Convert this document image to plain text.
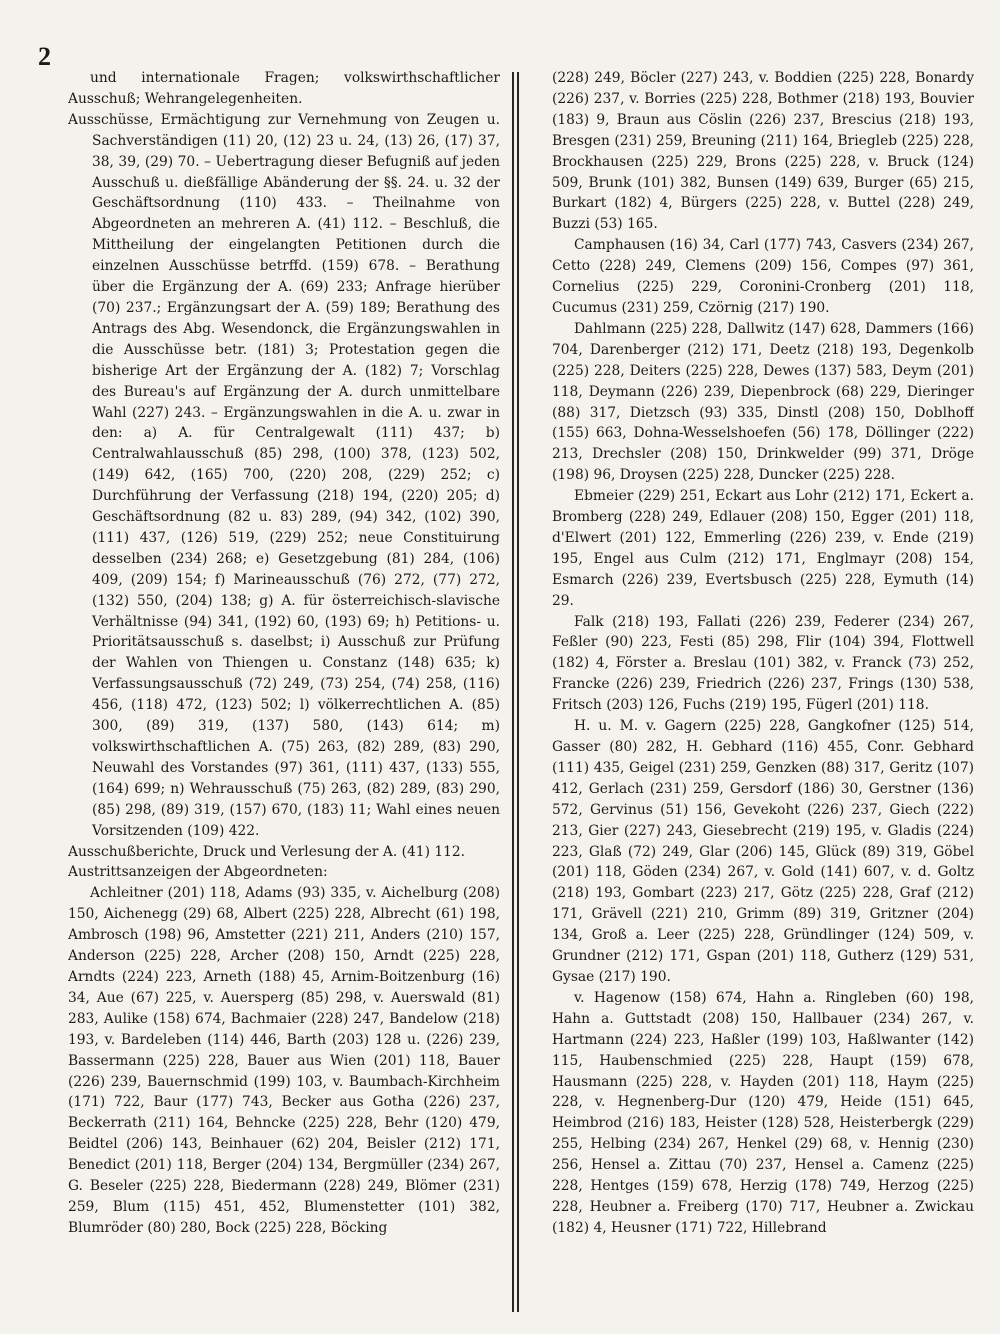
2

und internationale Fragen; volkswirthschaftlicher Ausschuß; Wehrangelegenheiten.

Ausschüsse, Ermächtigung zur Vernehmung von Zeugen u. Sachverständigen (11) 20, (12) 23 u. 24, (13) 26, (17) 37, 38, 39, (29) 70. – Uebertragung dieser Befugniß auf jeden Ausschuß u. dießfällige Abänderung der §§. 24. u. 32 der Geschäftsordnung (110) 433. – Theilnahme von Abgeordneten an mehreren A. (41) 112. – Beschluß, die Mittheilung der eingelangten Petitionen durch die einzelnen Ausschüsse betrffd. (159) 678. – Berathung über die Ergänzung der A. (69) 233; Anfrage hierüber (70) 237.; Ergänzungsart der A. (59) 189; Berathung des Antrags des Abg. Wesendonck, die Ergänzungswahlen in die Ausschüsse betr. (181) 3; Protestation gegen die bisherige Art der Ergänzung der A. (182) 7; Vorschlag des Bureau's auf Ergänzung der A. durch unmittelbare Wahl (227) 243. – Ergänzungswahlen in die A. u. zwar in den: a) A. für Centralgewalt (111) 437; b) Centralwahlausschuß (85) 298, (100) 378, (123) 502, (149) 642, (165) 700, (220) 208, (229) 252; c) Durchführung der Verfassung (218) 194, (220) 205; d) Geschäftsordnung (82 u. 83) 289, (94) 342, (102) 390, (111) 437, (126) 519, (229) 252; neue Constituirung desselben (234) 268; e) Gesetzgebung (81) 284, (106) 409, (209) 154; f) Marineausschuß (76) 272, (77) 272, (132) 550, (204) 138; g) A. für österreichisch-slavische Verhältnisse (94) 341, (192) 60, (193) 69; h) Petitions- u. Prioritätsausschuß s. daselbst; i) Ausschuß zur Prüfung der Wahlen von Thiengen u. Constanz (148) 635; k) Verfassungsausschuß (72) 249, (73) 254, (74) 258, (116) 456, (118) 472, (123) 502; l) völkerrechtlichen A. (85) 300, (89) 319, (137) 580, (143) 614; m) volkswirthschaftlichen A. (75) 263, (82) 289, (83) 290, Neuwahl des Vorstandes (97) 361, (111) 437, (133) 555, (164) 699; n) Wehrausschuß (75) 263, (82) 289, (83) 290, (85) 298, (89) 319, (157) 670, (183) 11; Wahl eines neuen Vorsitzenden (109) 422.

Ausschußberichte, Druck und Verlesung der A. (41) 112.

Austrittsanzeigen der Abgeordneten:

Achleitner (201) 118, Adams (93) 335, v. Aichelburg (208) 150, Aichenegg (29) 68, Albert (225) 228, Albrecht (61) 198, Ambrosch (198) 96, Amstetter (221) 211, Anders (210) 157, Anderson (225) 228, Archer (208) 150, Arndt (225) 228, Arndts (224) 223, Arneth (188) 45, Arnim-Boitzenburg (16) 34, Aue (67) 225, v. Auersperg (85) 298, v. Auerswald (81) 283, Aulike (158) 674, Bachmaier (228) 247, Bandelow (218) 193, v. Bardeleben (114) 446, Barth (203) 128 u. (226) 239, Bassermann (225) 228, Bauer aus Wien (201) 118, Bauer (226) 239, Bauernschmid (199) 103, v. Baumbach-Kirchheim (171) 722, Baur (177) 743, Becker aus Gotha (226) 237, Beckerrath (211) 164, Behncke (225) 228, Behr (120) 479, Beidtel (206) 143, Beinhauer (62) 204, Beisler (212) 171, Benedict (201) 118, Berger (204) 134, Bergmüller (234) 267, G. Beseler (225) 228, Biedermann (228) 249, Blömer (231) 259, Blum (115) 451, 452, Blumenstetter (101) 382, Blumröder (80) 280, Bock (225) 228, Böcking

(228) 249, Böcler (227) 243, v. Boddien (225) 228, Bonardy (226) 237, v. Borries (225) 228, Bothmer (218) 193, Bouvier (183) 9, Braun aus Cöslin (226) 237, Brescius (218) 193, Bresgen (231) 259, Breuning (211) 164, Briegleb (225) 228, Brockhausen (225) 229, Brons (225) 228, v. Bruck (124) 509, Brunk (101) 382, Bunsen (149) 639, Burger (65) 215, Burkart (182) 4, Bürgers (225) 228, v. Buttel (228) 249, Buzzi (53) 165.

Camphausen (16) 34, Carl (177) 743, Casvers (234) 267, Cetto (228) 249, Clemens (209) 156, Compes (97) 361, Cornelius (225) 229, Coronini-Cronberg (201) 118, Cucumus (231) 259, Czörnig (217) 190.

Dahlmann (225) 228, Dallwitz (147) 628, Dammers (166) 704, Darenberger (212) 171, Deetz (218) 193, Degenkolb (225) 228, Deiters (225) 228, Dewes (137) 583, Deym (201) 118, Deymann (226) 239, Diepenbrock (68) 229, Dieringer (88) 317, Dietzsch (93) 335, Dinstl (208) 150, Doblhoff (155) 663, Dohna-Wesselshoefen (56) 178, Döllinger (222) 213, Drechsler (208) 150, Drinkwelder (99) 371, Dröge (198) 96, Droysen (225) 228, Duncker (225) 228.

Ebmeier (229) 251, Eckart aus Lohr (212) 171, Eckert a. Bromberg (228) 249, Edlauer (208) 150, Egger (201) 118, d'Elwert (201) 122, Emmerling (226) 239, v. Ende (219) 195, Engel aus Culm (212) 171, Englmayr (208) 154, Esmarch (226) 239, Evertsbusch (225) 228, Eymuth (14) 29.

Falk (218) 193, Fallati (226) 239, Federer (234) 267, Feßler (90) 223, Festi (85) 298, Flir (104) 394, Flottwell (182) 4, Förster a. Breslau (101) 382, v. Franck (73) 252, Francke (226) 239, Friedrich (226) 237, Frings (130) 538, Fritsch (203) 126, Fuchs (219) 195, Fügerl (201) 118.

H. u. M. v. Gagern (225) 228, Gangkofner (125) 514, Gasser (80) 282, H. Gebhard (116) 455, Conr. Gebhard (111) 435, Geigel (231) 259, Genzken (88) 317, Geritz (107) 412, Gerlach (231) 259, Gersdorf (186) 30, Gerstner (136) 572, Gervinus (51) 156, Gevekoht (226) 237, Giech (222) 213, Gier (227) 243, Giesebrecht (219) 195, v. Gladis (224) 223, Glaß (72) 249, Glar (206) 145, Glück (89) 319, Göbel (201) 118, Göden (234) 267, v. Gold (141) 607, v. d. Goltz (218) 193, Gombart (223) 217, Götz (225) 228, Graf (212) 171, Grävell (221) 210, Grimm (89) 319, Gritzner (204) 134, Groß a. Leer (225) 228, Gründlinger (124) 509, v. Grundner (212) 171, Gspan (201) 118, Gutherz (129) 531, Gysae (217) 190.

v. Hagenow (158) 674, Hahn a. Ringleben (60) 198, Hahn a. Guttstadt (208) 150, Hallbauer (234) 267, v. Hartmann (224) 223, Haßler (199) 103, Haßlwanter (142) 115, Haubenschmied (225) 228, Haupt (159) 678, Hausmann (225) 228, v. Hayden (201) 118, Haym (225) 228, v. Hegnenberg-Dur (120) 479, Heide (151) 645, Heimbrod (216) 183, Heister (128) 528, Heisterbergk (229) 255, Helbing (234) 267, Henkel (29) 68, v. Hennig (230) 256, Hensel a. Zittau (70) 237, Hensel a. Camenz (225) 228, Hentges (159) 678, Herzig (178) 749, Herzog (225) 228, Heubner a. Freiberg (170) 717, Heubner a. Zwickau (182) 4, Heusner (171) 722, Hillebrand
